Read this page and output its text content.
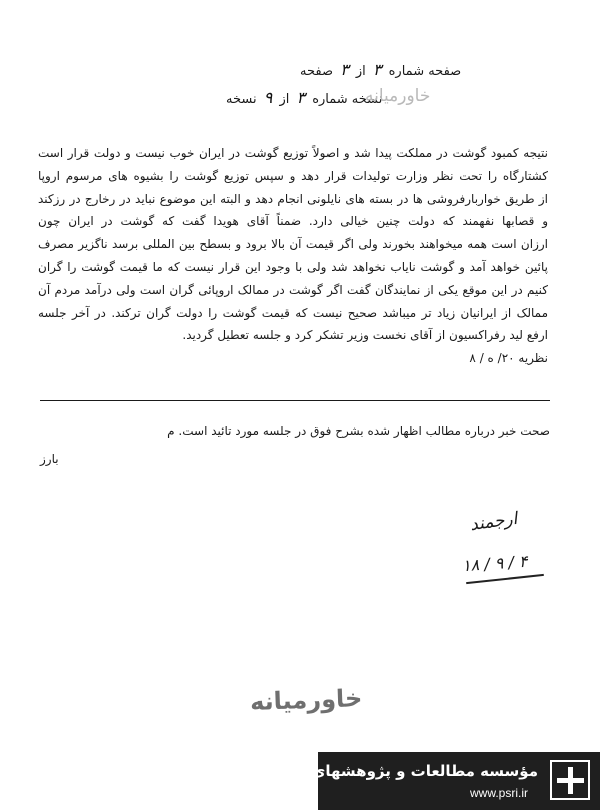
صفحه شماره ۳ از ۳ صفحه
نسخه شماره ۳ از ۹ نسخه	خاورمیانه
نتیجه کمبود گوشت در مملکت پیدا شد و اصولاً توزیع گوشت در ایران خوب نیست و دولت قرار است
کشتارگاه را تحت نظر وزارت تولیدات قرار دهد و سپس توزیع گوشت را بشیوه های مرسوم اروپا
از طریق خواربارفروشی ها در بسته های نایلونی انجام دهد و البته این موضوع نباید در رخارج در رزکند
و قصابها نفهمند که دولت چنین خیالی دارد. ضمناً آقای هویدا گفت که گوشت در ایران چون
ارزان است همه میخواهند بخورند ولی اگر قیمت آن بالا برود و بسطح بین المللی برسد ناگزیر مصرف
پائین خواهد آمد و گوشت نایاب نخواهد شد ولی با وجود این قرار نیست که ما قیمت گوشت را گران
کنیم در این موقع یکی از نمایندگان گفت اگر گوشت در ممالک اروپائی گران است ولی درآمد مردم آن
ممالک از ایرانیان زیاد تر میباشد صحیح نیست که قیمت گوشت را دولت گران ترکند. در آخر جلسه
ارفع لید رفراکسیون از آقای نخست وزیر تشکر کرد و جلسه تعطیل گردید.
نظریه ۲۰/ ه / ۸
صحت خبر درباره مطالب اظهار شده بشرح فوق در جلسه مورد تائید است. م
بارز
ارجمند
۴ / ۹ / ۱۸
خاورمیانه
مؤسسه مطالعات و پژوهشهای سیاسی
www.psri.ir
